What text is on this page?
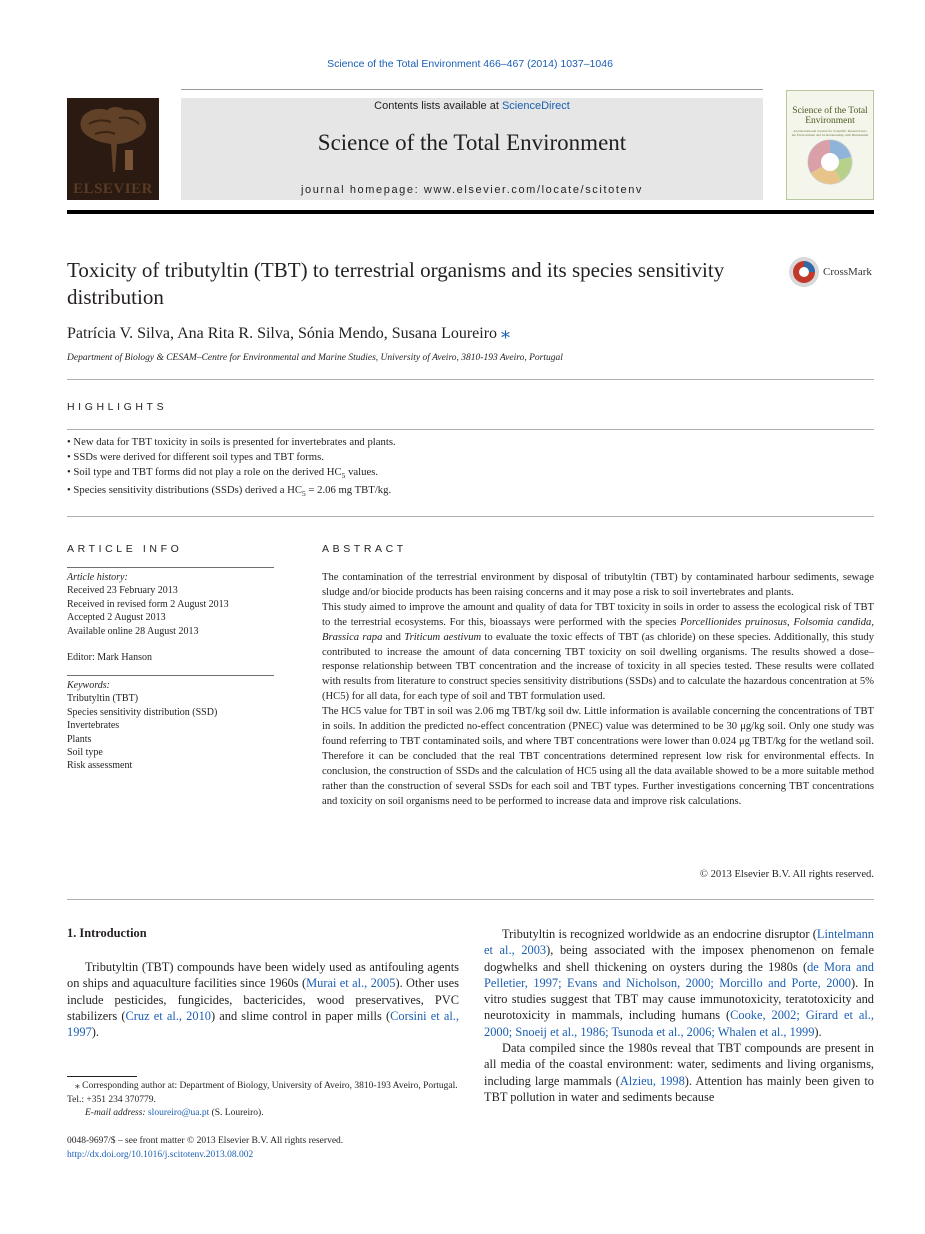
Science of the Total Environment 466–467 (2014) 1037–1046
ELSEVIER
Contents lists available at ScienceDirect
Science of the Total Environment
journal homepage: www.elsevier.com/locate/scitotenv
Science of the Total Environment
An International Journal for Scientific Research into the Environment and its Relationship with Humankind
Toxicity of tributyltin (TBT) to terrestrial organisms and its species sensitivity distribution
CrossMark
Patrícia V. Silva, Ana Rita R. Silva, Sónia Mendo, Susana Loureiro ⁎
Department of Biology & CESAM–Centre for Environmental and Marine Studies, University of Aveiro, 3810-193 Aveiro, Portugal
HIGHLIGHTS
• New data for TBT toxicity in soils is presented for invertebrates and plants.
• SSDs were derived for different soil types and TBT forms.
• Soil type and TBT forms did not play a role on the derived $HC_5$ values.
• Species sensitivity distributions (SSDs) derived a $HC_5 = 2.06$ mg TBT/kg.
ARTICLE INFO
Article history:
Received 23 February 2013
Received in revised form 2 August 2013
Accepted 2 August 2013
Available online 28 August 2013
Editor: Mark Hanson
Keywords:
Tributyltin (TBT)
Species sensitivity distribution (SSD)
Invertebrates
Plants
Soil type
Risk assessment
ABSTRACT

The contamination of the terrestrial environment by disposal of tributyltin (TBT) by contaminated harbour sediments, sewage sludge and/or biocide products has been raising concerns and it may pose a risk to soil invertebrates and plants.

This study aimed to improve the amount and quality of data for TBT toxicity in soils in order to assess the ecological risk of TBT to the terrestrial ecosystems. For this, bioassays were performed with the species Porcellionides pruinosus, Folsomia candida, Brassica rapa and Triticum aestivum to evaluate the toxic effects of TBT (as chloride) on these species. Additionally, this study contributed to increase the amount of data concerning TBT toxicity on soil dwelling organisms. The results showed a dose–response relationship between TBT concentration and the increase of toxicity in all species tested. These results were collated with results from literature to construct species sensitivity distributions (SSDs) and to calculate the hazardous concentration at 5% (HC5) for all data, for each type of soil and TBT formulation used.

The HC5 value for TBT in soil was 2.06 mg TBT/kg soil dw. Little information is available concerning the concentrations of TBT in soils. In addition the predicted no-effect concentration (PNEC) value was determined to be 30 μg/kg soil. Only one study was found referring to TBT contaminated soils, and where TBT concentrations were lower than 0.024 μg TBT/kg for the wetland soil. Therefore it can be concluded that the real TBT concentrations determined represent low risk for environmental effects. In conclusion, the construction of SSDs and the calculation of HC5 using all the data available showed to be a more suitable method rather than the construction of several SSDs for each soil and TBT types. Further investigations concerning TBT concentrations and toxicity on soil organisms need to be performed to increase data and improve risk calculations.

© 2013 Elsevier B.V. All rights reserved.
1. Introduction

Tributyltin (TBT) compounds have been widely used as antifouling agents on ships and aquaculture facilities since 1960s (Murai et al., 2005). Other uses include pesticides, fungicides, bactericides, wood preservatives, PVC stabilizers (Cruz et al., 2010) and slime control in paper mills (Corsini et al., 1997).

Tributyltin is recognized worldwide as an endocrine disruptor (Lintelmann et al., 2003), being associated with the imposex phenomenon on female dogwhelks and shell thickening on oysters during the 1980s (de Mora and Pelletier, 1997; Evans and Nicholson, 2000; Morcillo and Porte, 2000). In vitro studies suggest that TBT may cause immunotoxicity, teratotoxicity and neurotoxicity in mammals, including humans (Cooke, 2002; Girard et al., 2000; Snoeij et al., 1986; Tsunoda et al., 2006; Whalen et al., 1999).

Data compiled since the 1980s reveal that TBT compounds are present in all media of the coastal environment: water, sediments and living organisms, including large mammals (Alzieu, 1998). Attention has mainly been given to TBT pollution in water and sediments because

⁎ Corresponding author at: Department of Biology, University of Aveiro, 3810-193 Aveiro, Portugal. Tel.: +351 234 370779.

E-mail address: sloureiro@ua.pt (S. Loureiro).

0048-9697/$ – see front matter © 2013 Elsevier B.V. All rights reserved.
http://dx.doi.org/10.1016/j.scitotenv.2013.08.002
